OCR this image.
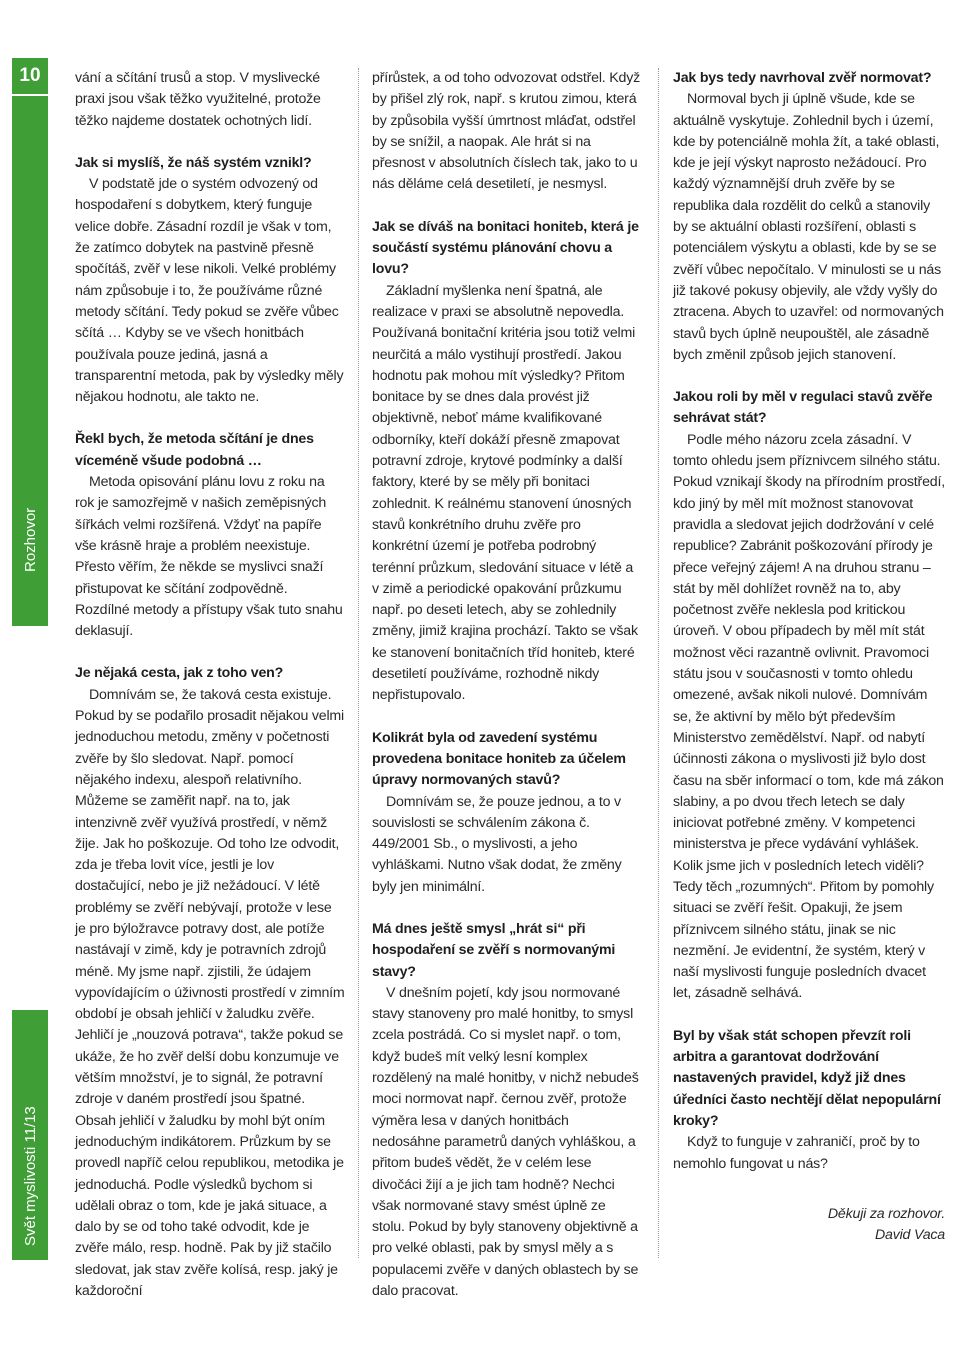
10
Rozhovor
Svět myslivosti 11/13

vání a sčítání trusů a stop. V myslivecké praxi jsou však těžko využitelné, protože těžko najdeme dostatek ochotných lidí.

Jak si myslíš, že náš systém vznikl?

V podstatě jde o systém odvozený od hospodaření s dobytkem, který funguje velice dobře. Zásadní rozdíl je však v tom, že zatímco dobytek na pastvině přesně spočítáš, zvěř v lese nikoli. Velké problémy nám způsobuje i to, že používáme různé metody sčítání. Tedy pokud se zvěře vůbec sčítá … Kdyby se ve všech honitbách používala pouze jediná, jasná a transparentní metoda, pak by výsledky měly nějakou hodnotu, ale takto ne.

Řekl bych, že metoda sčítání je dnes víceméně všude podobná …

Metoda opisování plánu lovu z roku na rok je samozřejmě v našich zeměpisných šířkách velmi rozšířená. Vždyť na papíře vše krásně hraje a problém neexistuje. Přesto věřím, že někde se myslivci snaží přistupovat ke sčítání zodpovědně. Rozdílné metody a přístupy však tuto snahu deklasují.

Je nějaká cesta, jak z toho ven?

Domnívám se, že taková cesta existuje. Pokud by se podařilo prosadit nějakou velmi jednoduchou metodu, změny v početnosti zvěře by šlo sledovat. Např. pomocí nějakého indexu, alespoň relativního. Můžeme se zaměřit např. na to, jak intenzivně zvěř využívá prostředí, v němž žije. Jak ho poškozuje. Od toho lze odvodit, zda je třeba lovit více, jestli je lov dostačující, nebo je již nežádoucí. V létě problémy se zvěří nebývají, protože v lese je pro býložravce potravy dost, ale potíže nastávají v zimě, kdy je potravních zdrojů méně. My jsme např. zjistili, že údajem vypovídajícím o úživnosti prostředí v zimním období je obsah jehličí v žaludku zvěře. Jehličí je „nouzová potrava“, takže pokud se ukáže, že ho zvěř delší dobu konzumuje ve větším množství, je to signál, že potravní zdroje v daném prostředí jsou špatné. Obsah jehličí v žaludku by mohl být oním jednoduchým indikátorem. Průzkum by se provedl napříč celou republikou, metodika je jednoduchá. Podle výsledků bychom si udělali obraz o tom, kde je jaká situace, a dalo by se od toho také odvodit, kde je zvěře málo, resp. hodně. Pak by již stačilo sledovat, jak stav zvěře kolísá, resp. jaký je každoroční

přírůstek, a od toho odvozovat odstřel. Když by přišel zlý rok, např. s krutou zimou, která by způsobila vyšší úmrtnost mláďat, odstřel by se snížil, a naopak. Ale hrát si na přesnost v absolutních číslech tak, jako to u nás děláme celá desetiletí, je nesmysl.

Jak se díváš na bonitaci honiteb, která je součástí systému plánování chovu a lovu?

Základní myšlenka není špatná, ale realizace v praxi se absolutně nepovedla. Používaná bonitační kritéria jsou totiž velmi neurčitá a málo vystihují prostředí. Jakou hodnotu pak mohou mít výsledky? Přitom bonitace by se dnes dala provést již objektivně, neboť máme kvalifikované odborníky, kteří dokáží přesně zmapovat potravní zdroje, krytové podmínky a další faktory, které by se měly při bonitaci zohlednit. K reálnému stanovení únosných stavů konkrétního druhu zvěře pro konkrétní území je potřeba podrobný terénní průzkum, sledování situace v létě a v zimě a periodické opakování průzkumu např. po deseti letech, aby se zohlednily změny, jimiž krajina prochází. Takto se však ke stanovení bonitačních tříd honiteb, které desetiletí používáme, rozhodně nikdy nepřistupovalo.

Kolikrát byla od zavedení systému provedena bonitace honiteb za účelem úpravy normovaných stavů?

Domnívám se, že pouze jednou, a to v souvislosti se schválením zákona č. 449/2001 Sb., o myslivosti, a jeho vyhláškami. Nutno však dodat, že změny byly jen minimální.

Má dnes ještě smysl „hrát si“ při hospodaření se zvěří s normovanými stavy?

V dnešním pojetí, kdy jsou normované stavy stanoveny pro malé honitby, to smysl zcela postrádá. Co si myslet např. o tom, když budeš mít velký lesní komplex rozdělený na malé honitby, v nichž nebudeš moci normovat např. černou zvěř, protože výměra lesa v daných honitbách nedosáhne parametrů daných vyhláškou, a přitom budeš vědět, že v celém lese divočáci žijí a je jich tam hodně? Nechci však normované stavy smést úplně ze stolu. Pokud by byly stanoveny objektivně a pro velké oblasti, pak by smysl měly a s populacemi zvěře v daných oblastech by se dalo pracovat.

Jak bys tedy navrhoval zvěř normovat?

Normoval bych ji úplně všude, kde se aktuálně vyskytuje. Zohlednil bych i území, kde by potenciálně mohla žít, a také oblasti, kde je její výskyt naprosto nežádoucí. Pro každý významnější druh zvěře by se republika dala rozdělit do celků a stanovily by se aktuální oblasti rozšíření, oblasti s potenciálem výskytu a oblasti, kde by se se zvěří vůbec nepočítalo. V minulosti se u nás již takové pokusy objevily, ale vždy vyšly do ztracena. Abych to uzavřel: od normovaných stavů bych úplně neupouštěl, ale zásadně bych změnil způsob jejich stanovení.

Jakou roli by měl v regulaci stavů zvěře sehrávat stát?

Podle mého názoru zcela zásadní. V tomto ohledu jsem příznivcem silného státu. Pokud vznikají škody na přírodním prostředí, kdo jiný by měl mít možnost stanovovat pravidla a sledovat jejich dodržování v celé republice? Zabránit poškozování přírody je přece veřejný zájem! A na druhou stranu – stát by měl dohlížet rovněž na to, aby početnost zvěře neklesla pod kritickou úroveň. V obou případech by měl mít stát možnost věci razantně ovlivnit. Pravomoci státu jsou v současnosti v tomto ohledu omezené, avšak nikoli nulové. Domnívám se, že aktivní by mělo být především Ministerstvo zemědělství. Např. od nabytí účinnosti zákona o myslivosti již bylo dost času na sběr informací o tom, kde má zákon slabiny, a po dvou třech letech se daly iniciovat potřebné změny. V kompetenci ministerstva je přece vydávání vyhlášek. Kolik jsme jich v posledních letech viděli? Tedy těch „rozumných“. Přitom by pomohly situaci se zvěří řešit. Opakuji, že jsem příznivcem silného státu, jinak se nic nezmění. Je evidentní, že systém, který v naší myslivosti funguje posledních dvacet let, zásadně selhává.

Byl by však stát schopen převzít roli arbitra a garantovat dodržování nastavených pravidel, když již dnes úředníci často nechtějí dělat nepopulární kroky?

Když to funguje v zahraničí, proč by to nemohlo fungovat u nás?

Děkuji za rozhovor.

David Vaca
